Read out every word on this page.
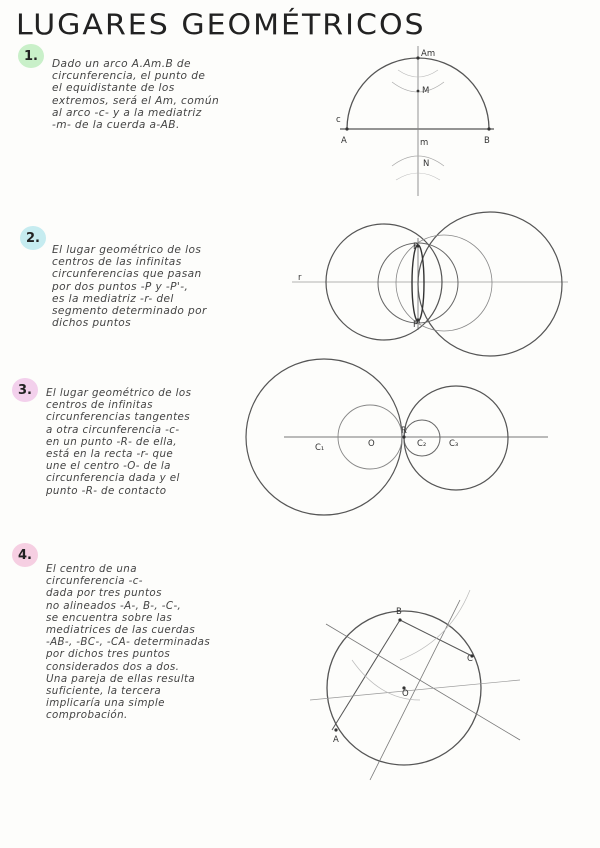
LUGARES GEOMÉTRICOS
1.
Dado un arco A.Am.B de
circunferencia, el punto de
el equidistante de los
extremos, será el Am, común
al arco -c- y a la mediatriz
-m- de la cuerda a-AB.
2.
El lugar geométrico de los
centros de las infinitas
circunferencias que pasan
por dos puntos -P y -P'-,
es la mediatriz -r- del
segmento determinado por
dichos puntos
3. El lugar geométrico de los
centros de infinitas
circunferencias tangentes
a otra circunferencia -c-
en un punto -R- de ella,
está en la recta -r- que
une el centro -O- de la
circunferencia dada y el
punto -R- de contacto
4.
El centro de una
circunferencia -c-
dada por tres puntos
no alineados -A-, B-, -C-,
se encuentra sobre las
mediatrices de las cuerdas
-AB-, -BC-, -CA- determinadas
por dichos tres puntos
considerados dos a dos.
Una pareja de ellas resulta
suficiente, la tercera
implicaría una simple
comprobación.
Am
M
c
A	B
m
N
r
P
P'
C₁	O
R
C₂	C₃
A
B
C
O
